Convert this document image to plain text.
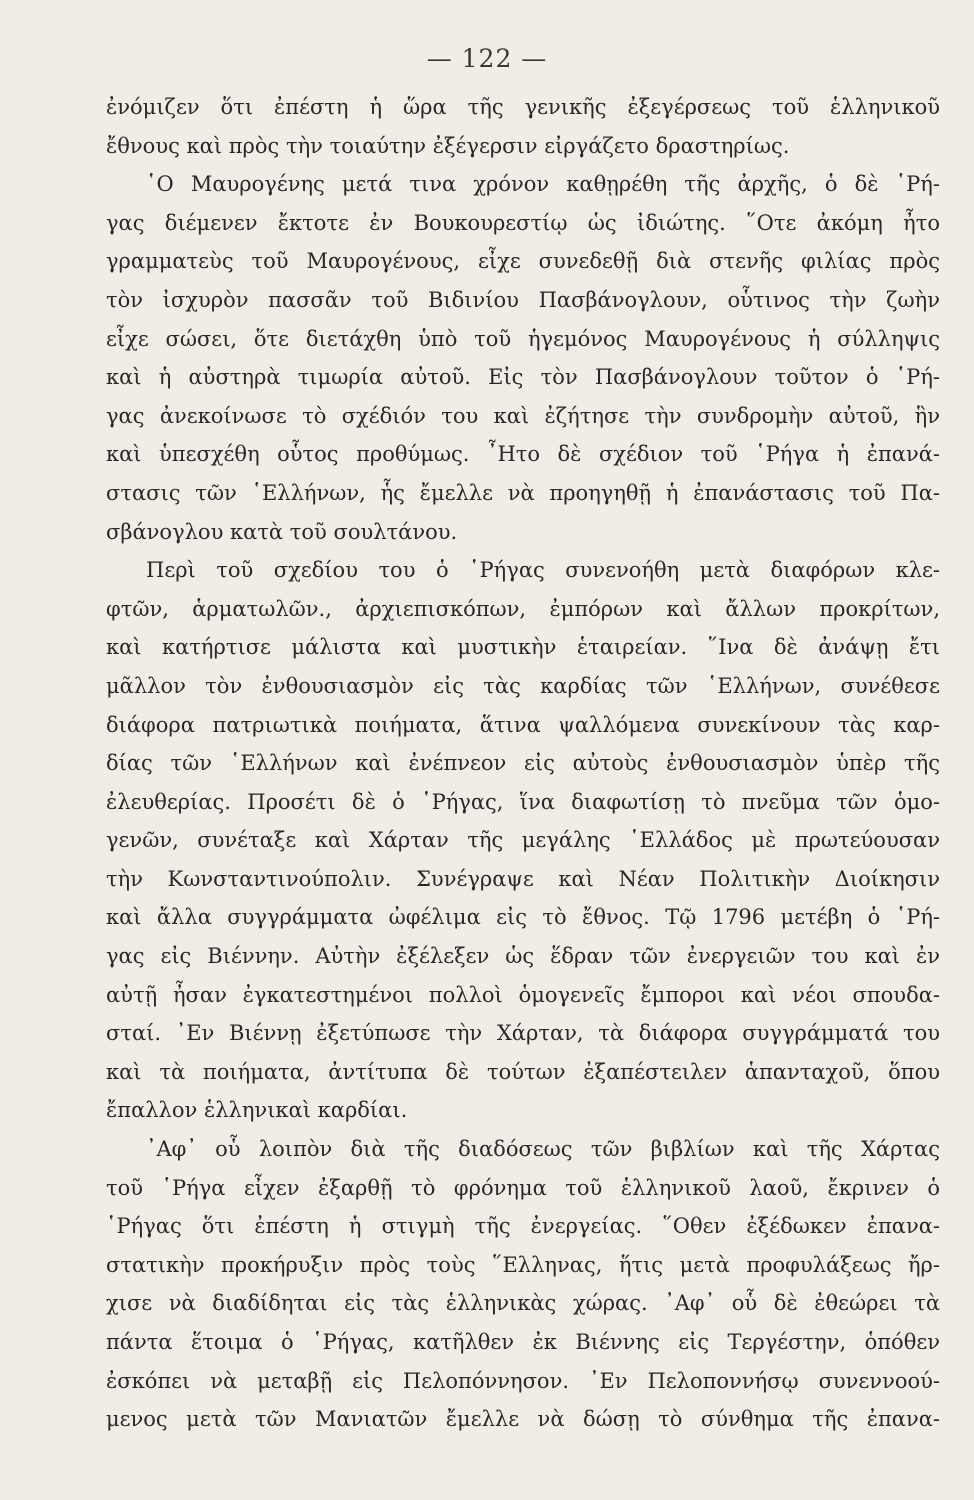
— 122 —
ἐνόμιζεν ὅτι ἐπέστη ἡ ὥρα τῆς γενικῆς ἐξεγέρσεως τοῦ ἑλληνικοῦ
ἔθνους καὶ πρὸς τὴν τοιαύτην ἐξέγερσιν εἰργάζετο δραστηρίως.
῾Ο Μαυρογένης μετά τινα χρόνον καθῃρέθη τῆς ἀρχῆς, ὁ δὲ ῾Ρή-
γας διέμενεν ἔκτοτε ἐν Βουκουρεστίῳ ὡς ἰδιώτης. ῞Οτε ἀκόμη ἦτο
γραμματεὺς τοῦ Μαυρογένους, εἶχε συνεδεθῇ διὰ στενῆς φιλίας πρὸς
τὸν ἰσχυρὸν πασσᾶν τοῦ Βιδινίου Πασβάνογλουν, οὗτινος τὴν ζωὴν
εἶχε σώσει, ὅτε διετάχθη ὑπὸ τοῦ ἡγεμόνος Μαυρογένους ἡ σύλληψις
καὶ ἡ αὐστηρὰ τιμωρία αὐτοῦ. Εἰς τὸν Πασβάνογλουν τοῦτον ὁ ῾Ρή-
γας ἀνεκοίνωσε τὸ σχέδιόν του καὶ ἐζήτησε τὴν συνδρομὴν αὐτοῦ, ἣν
καὶ ὑπεσχέθη οὗτος προθύμως. ῏Ητο δὲ σχέδιον τοῦ ῾Ρήγα ἡ ἐπανά-
στασις τῶν ῾Ελλήνων, ἧς ἔμελλε νὰ προηγηθῇ ἡ ἐπανάστασις τοῦ Πα-
σβάνογλου κατὰ τοῦ σουλτάνου.
Περὶ τοῦ σχεδίου του ὁ ῾Ρήγας συνενοήθη μετὰ διαφόρων κλε-
φτῶν, ἁρματωλῶν., ἀρχιεπισκόπων, ἐμπόρων καὶ ἄλλων προκρίτων,
καὶ κατήρτισε μάλιστα καὶ μυστικὴν ἑταιρείαν. ῞Ινα δὲ ἀνάψῃ ἔτι
μᾶλλον τὸν ἐνθουσιασμὸν εἰς τὰς καρδίας τῶν ῾Ελλήνων, συνέθεσε
διάφορα πατριωτικὰ ποιήματα, ἅτινα ψαλλόμενα συνεκίνουν τὰς καρ-
δίας τῶν ῾Ελλήνων καὶ ἐνέπνεον εἰς αὐτοὺς ἐνθουσιασμὸν ὑπὲρ τῆς
ἐλευθερίας. Προσέτι δὲ ὁ ῾Ρήγας, ἵνα διαφωτίσῃ τὸ πνεῦμα τῶν ὁμο-
γενῶν, συνέταξε καὶ Χάρταν τῆς μεγάλης ῾Ελλάδος μὲ πρωτεύουσαν
τὴν Κωνσταντινούπολιν. Συνέγραψε καὶ Νέαν Πολιτικὴν Διοίκησιν
καὶ ἄλλα συγγράμματα ὠφέλιμα εἰς τὸ ἔθνος. Τῷ 1796 μετέβη ὁ ῾Ρή-
γας εἰς Βιέννην. Αὐτὴν ἐξέλεξεν ὡς ἕδραν τῶν ἐνεργειῶν του καὶ ἐν
αὐτῇ ἦσαν ἐγκατεστημένοι πολλοὶ ὁμογενεῖς ἔμποροι καὶ νέοι σπουδα-
σταί. ᾿Εν Βιέννῃ ἐξετύπωσε τὴν Χάρταν, τὰ διάφορα συγγράμματά του
καὶ τὰ ποιήματα, ἀντίτυπα δὲ τούτων ἐξαπέστειλεν ἁπανταχοῦ, ὅπου
ἔπαλλον ἑλληνικαὶ καρδίαι.
᾿Αφ᾿ οὗ λοιπὸν διὰ τῆς διαδόσεως τῶν βιβλίων καὶ τῆς Χάρτας
τοῦ ῾Ρήγα εἶχεν ἐξαρθῇ τὸ φρόνημα τοῦ ἑλληνικοῦ λαοῦ, ἔκρινεν ὁ
῾Ρήγας ὅτι ἐπέστη ἡ στιγμὴ τῆς ἐνεργείας. ῞Οθεν ἐξέδωκεν ἐπανα-
στατικὴν προκήρυξιν πρὸς τοὺς ῞Ελληνας, ἥτις μετὰ προφυλάξεως ἤρ-
χισε νὰ διαδίδηται εἰς τὰς ἑλληνικὰς χώρας. ᾿Αφ᾿ οὗ δὲ ἐθεώρει τὰ
πάντα ἕτοιμα ὁ ῾Ρήγας, κατῆλθεν ἐκ Βιέννης εἰς Τεργέστην, ὁπόθεν
ἐσκόπει νὰ μεταβῇ εἰς Πελοπόννησον. ᾿Εν Πελοποννήσῳ συνεννοού-
μενος μετὰ τῶν Μανιατῶν ἔμελλε νὰ δώσῃ τὸ σύνθημα τῆς ἐπανα-
